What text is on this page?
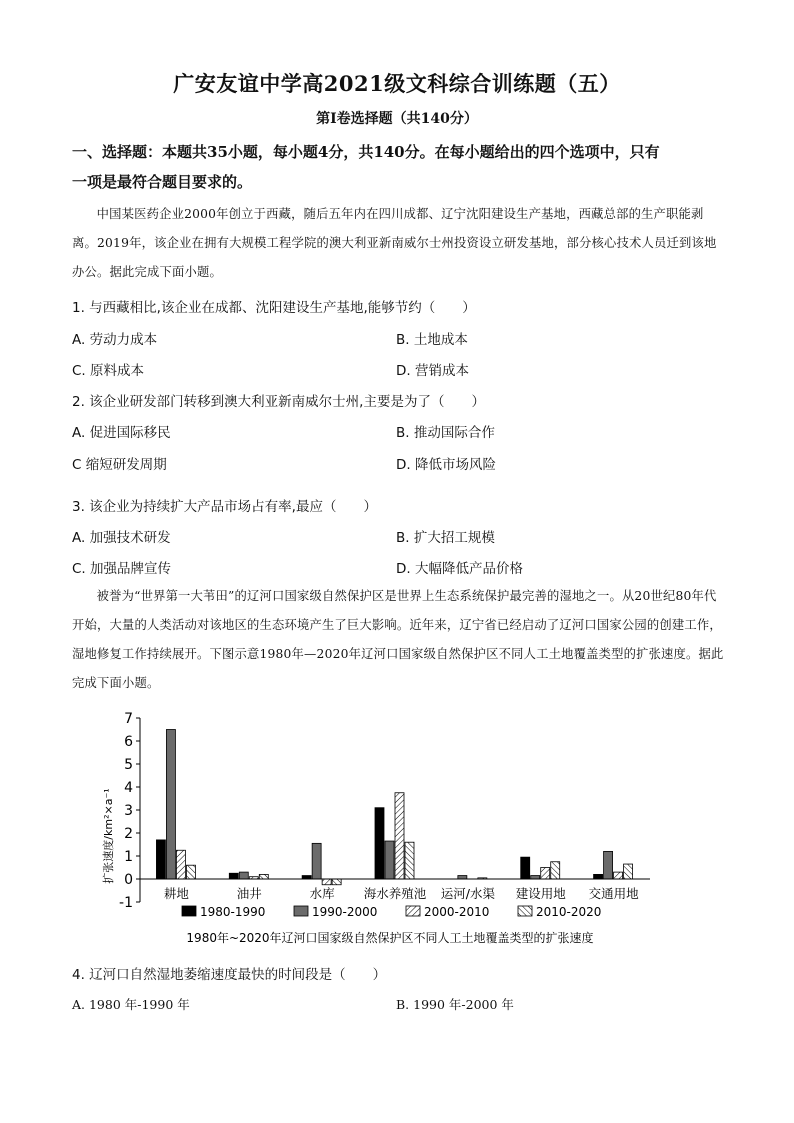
广安友谊中学高2021级文科综合训练题（五）
第Ⅰ卷选择题（共140分）
一、选择题：本题共35小题，每小题4分，共140分。在每小题给出的四个选项中，只有
一项是最符合题目要求的。
中国某医药企业2000年创立于西藏，随后五年内在四川成都、辽宁沈阳建设生产基地，西藏总部的生产职能剥离。2019年，该企业在拥有大规模工程学院的澳大利亚新南威尔士州投资设立研发基地，部分核心技术人员迁到该地办公。据此完成下面小题。
1. 与西藏相比,该企业在成都、沈阳建设生产基地,能够节约（　　）
A. 劳动力成本	B. 土地成本
C. 原料成本	D. 营销成本
2. 该企业研发部门转移到澳大利亚新南威尔士州,主要是为了（　　）
A. 促进国际移民	B. 推动国际合作
C 缩短研发周期	D. 降低市场风险
3. 该企业为持续扩大产品市场占有率,最应（　　）
A. 加强技术研发	B. 扩大招工规模
C. 加强品牌宣传	D. 大幅降低产品价格
被誉为“世界第一大苇田”的辽河口国家级自然保护区是世界上生态系统保护最完善的湿地之一。从20世纪80年代开始，大量的人类活动对该地区的生态环境产生了巨大影响。近年来，辽宁省已经启动了辽河口国家公园的创建工作，湿地修复工作持续展开。下图示意1980年—2020年辽河口国家级自然保护区不同人工土地覆盖类型的扩张速度。据此完成下面小题。
-1
0
1
2
3
4
5
6
7
耕地	油井	水库 海水养殖池 运河/水渠 建设用地 交通用地
扩张速度/km²×a⁻¹
1980-1990	1990-2000	2000-2010	2010-2020
1980年~2020年辽河口国家级自然保护区不同人工土地覆盖类型的扩张速度
4. 辽河口自然湿地萎缩速度最快的时间段是（　　）
A. 1980 年-1990 年	B. 1990 年-2000 年
